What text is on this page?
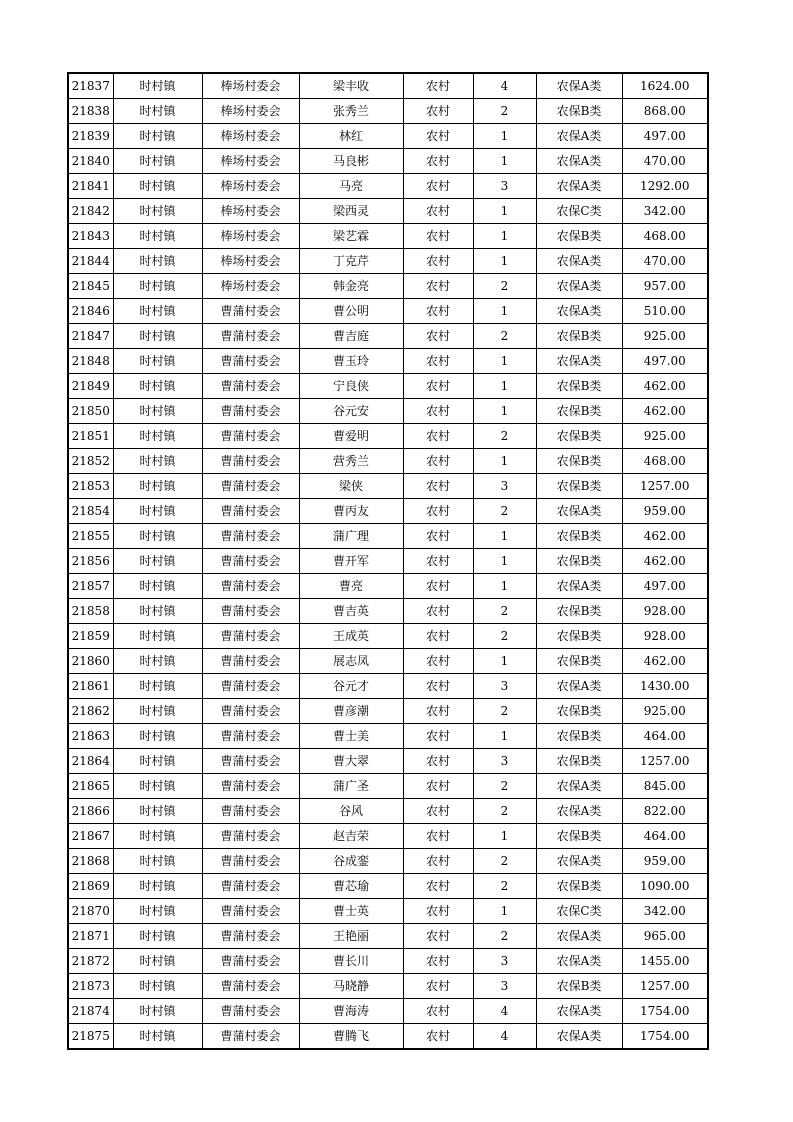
21837	时村镇	棒场村委会	梁丰收	农村	4	农保A类	1624.00
21838	时村镇	棒场村委会	张秀兰	农村	2	农保B类	868.00
21839	时村镇	棒场村委会	林红	农村	1	农保A类	497.00
21840	时村镇	棒场村委会	马良彬	农村	1	农保A类	470.00
21841	时村镇	棒场村委会	马亮	农村	3	农保A类	1292.00
21842	时村镇	棒场村委会	梁西灵	农村	1	农保C类	342.00
21843	时村镇	棒场村委会	梁艺霖	农村	1	农保B类	468.00
21844	时村镇	棒场村委会	丁克芹	农村	1	农保A类	470.00
21845	时村镇	棒场村委会	韩金亮	农村	2	农保A类	957.00
21846	时村镇	曹蒲村委会	曹公明	农村	1	农保A类	510.00
21847	时村镇	曹蒲村委会	曹吉庭	农村	2	农保B类	925.00
21848	时村镇	曹蒲村委会	曹玉玲	农村	1	农保A类	497.00
21849	时村镇	曹蒲村委会	宁良侠	农村	1	农保B类	462.00
21850	时村镇	曹蒲村委会	谷元安	农村	1	农保B类	462.00
21851	时村镇	曹蒲村委会	曹爱明	农村	2	农保B类	925.00
21852	时村镇	曹蒲村委会	营秀兰	农村	1	农保B类	468.00
21853	时村镇	曹蒲村委会	梁侠	农村	3	农保B类	1257.00
21854	时村镇	曹蒲村委会	曹丙友	农村	2	农保A类	959.00
21855	时村镇	曹蒲村委会	蒲广理	农村	1	农保B类	462.00
21856	时村镇	曹蒲村委会	曹开军	农村	1	农保B类	462.00
21857	时村镇	曹蒲村委会	曹亮	农村	1	农保A类	497.00
21858	时村镇	曹蒲村委会	曹吉英	农村	2	农保B类	928.00
21859	时村镇	曹蒲村委会	王成英	农村	2	农保B类	928.00
21860	时村镇	曹蒲村委会	展志凤	农村	1	农保B类	462.00
21861	时村镇	曹蒲村委会	谷元才	农村	3	农保A类	1430.00
21862	时村镇	曹蒲村委会	曹彦潮	农村	2	农保B类	925.00
21863	时村镇	曹蒲村委会	曹士美	农村	1	农保B类	464.00
21864	时村镇	曹蒲村委会	曹大翠	农村	3	农保B类	1257.00
21865	时村镇	曹蒲村委会	蒲广圣	农村	2	农保A类	845.00
21866	时村镇	曹蒲村委会	谷风	农村	2	农保A类	822.00
21867	时村镇	曹蒲村委会	赵吉荣	农村	1	农保B类	464.00
21868	时村镇	曹蒲村委会	谷成銮	农村	2	农保A类	959.00
21869	时村镇	曹蒲村委会	曹芯瑜	农村	2	农保B类	1090.00
21870	时村镇	曹蒲村委会	曹士英	农村	1	农保C类	342.00
21871	时村镇	曹蒲村委会	王艳丽	农村	2	农保A类	965.00
21872	时村镇	曹蒲村委会	曹长川	农村	3	农保A类	1455.00
21873	时村镇	曹蒲村委会	马晓静	农村	3	农保B类	1257.00
21874	时村镇	曹蒲村委会	曹海涛	农村	4	农保A类	1754.00
21875	时村镇	曹蒲村委会	曹腾飞	农村	4	农保A类	1754.00
